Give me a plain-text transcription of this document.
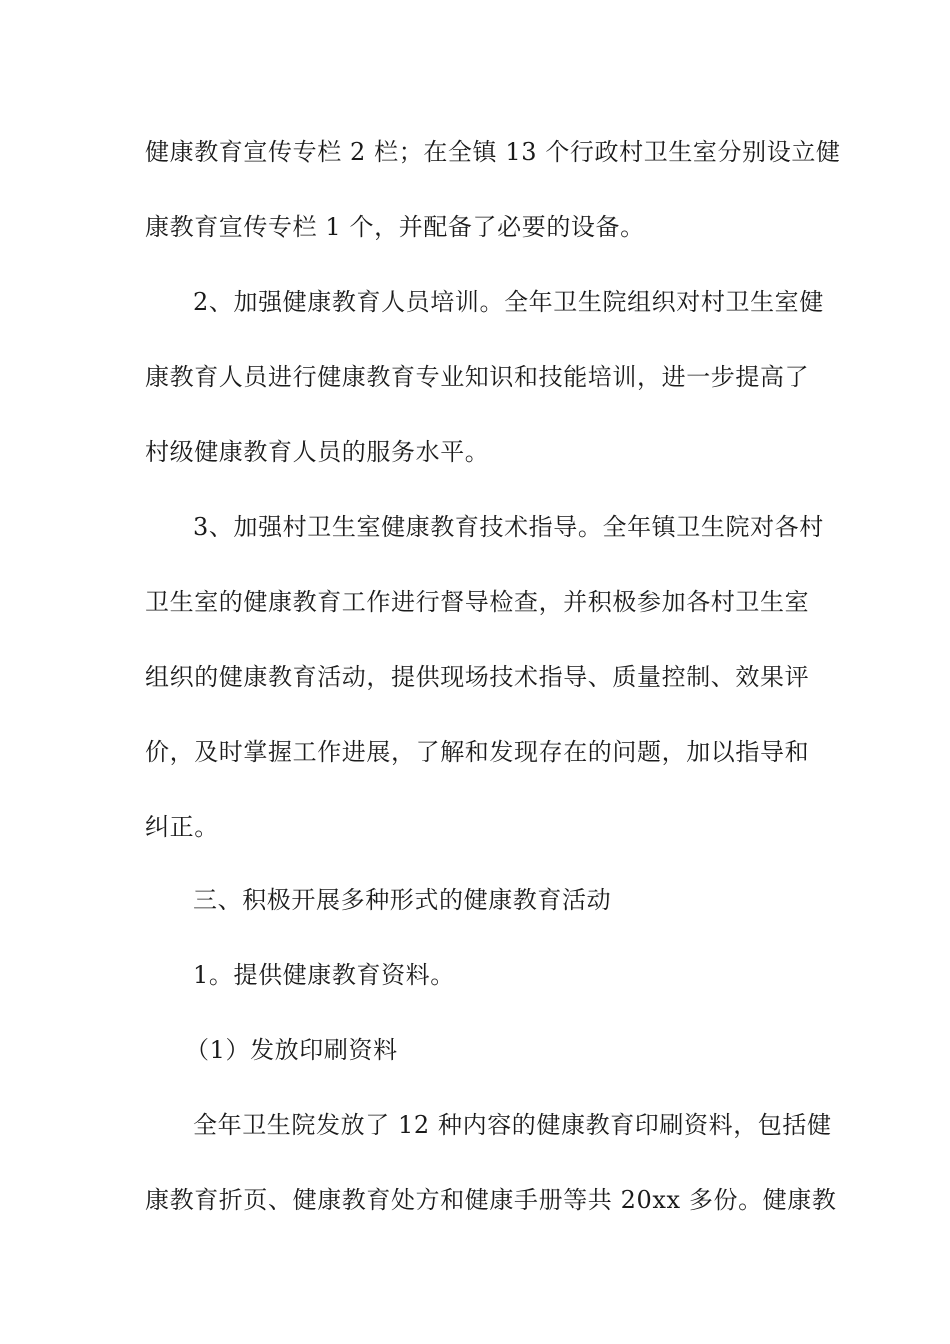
健康教育宣传专栏 2 栏；在全镇 13 个行政村卫生室分别设立健
康教育宣传专栏 1 个，并配备了必要的设备。
2、加强健康教育人员培训。全年卫生院组织对村卫生室健
康教育人员进行健康教育专业知识和技能培训，进一步提高了
村级健康教育人员的服务水平。
3、加强村卫生室健康教育技术指导。全年镇卫生院对各村
卫生室的健康教育工作进行督导检查，并积极参加各村卫生室
组织的健康教育活动，提供现场技术指导、质量控制、效果评
价，及时掌握工作进展，了解和发现存在的问题，加以指导和
纠正。
三、积极开展多种形式的健康教育活动
1。提供健康教育资料。
（1）发放印刷资料
全年卫生院发放了 12 种内容的健康教育印刷资料，包括健
康教育折页、健康教育处方和健康手册等共 20xx 多份。健康教
